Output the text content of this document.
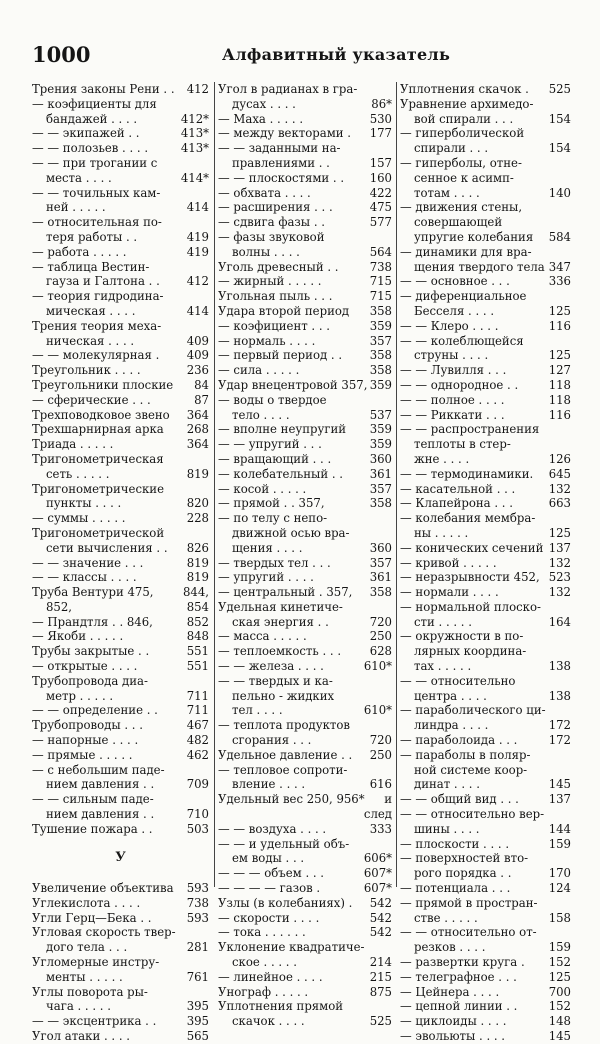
1000	Алфавитный указатель
Трения законы Рени . .	412
— коэфициенты для
бандажей . . . .	412*
— — экипажей . .	413*
— — полозьев . . . .	413*
— — при трогании с
места . . . .	414*
— — точильных кам-
ней . . . . .	414
— относительная по-
теря работы . .	419
— работа . . . . .	419
— таблица Вестин-
гауза и Галтона . .	412
— теория гидродина-
мическая . . . .	414
Трения теория меха-
ническая . . . .	409
— — молекулярная .	409
Треугольник . . . .	236
Треугольники плоские	84
— сферические . . .	87
Трехповодковое звено	364
Трехшарнирная арка	268
Триада . . . . .	364
Тригонометрическая
сеть . . . . .	819
Тригонометрические
пункты . . . .	820
— суммы . . . . .	228
Тригонометрической
сети вычисления . .	826
— — значение . . .	819
— — классы . . . .	819
Труба Вентури 475,	844,
852,	854
— Прандтля . . 846,	852
— Якоби . . . . .	848
Трубы закрытые . .	551
— открытые . . . .	551
Трубопровода диа-
метр . . . . .	711
— — определение . .	711
Трубопроводы . . .	467
— напорные . . . .	482
— прямые . . . . .	462
— с небольшим паде-
нием давления . .	709
— — сильным паде-
нием давления . .	710
Тушение пожара . .	503
У
Увеличение объектива	593
Углекислота . . . .	738
Угли Герц—Бека . .	593
Угловая скорость твер-
дого тела . . .	281
Угломерные инстру-
менты . . . . .	761
Углы поворота ры-
чага . . . . .	395
— — эксцентрика . .	395
Угол атаки . . . .	565
Угол в радианах в гра-
дусах . . . .	86*
— Маха . . . . .	530
— между векторами .	177
— — заданными на-
правлениями . .	157
— — плоскостями . .	160
— обхвата . . . .	422
— расширения . . .	475
— сдвига фазы . .	577
— фазы звуковой
волны . . . .	564
Уголь древесный . .	738
— жирный . . . . .	715
Угольная пыль . . .	715
Удара второй период	358
— коэфициент . . .	359
— нормаль . . . .	357
— первый период . .	358
— сила . . . . .	358
Удар внецентровой 357, 359
— воды о твердое
тело . . . .	537
— вполне неупругий	359
— — упругий . . .	359
— вращающий . . .	360
— колебательный . .	361
— косой . . . . .	357
— прямой . . 357,	358
— по телу с непо-
движной осью вра-
щения . . . .	360
— твердых тел . . .	357
— упругий . . . .	361
— центральный . 357,	358
Удельная кинетиче-
ская энергия . .	720
— масса . . . . .	250
— теплоемкость . . .	628
— — железа . . . .	610*
— — твердых и ка-
пельно - жидких
тел . . . .	610*
— теплота продуктов
сгорания . . .	720
Удельное давление . .	250
— тепловое сопроти-
вление . . . .	616
Удельный вес 250, 956*	и
след
— — воздуха . . . .	333
— — и удельный объ-
ем воды . . .	606*
— — — объем . . .	607*
— — — — газов .	607*
Узлы (в колебаниях) .	542
— скорости . . . .	542
— тока . . . . . .	542
Уклонение квадратиче-
ское . . . . .	214
— линейное . . . .	215
Унограф . . . . .	875
Уплотнения прямой
скачок . . . .	525
Уплотнения скачок .	525
Уравнение архимедо-
вой спирали . . .	154
— гиперболической
спирали . . .	154
— гиперболы, отне-
сенное к асимп-
тотам . . . .	140
— движения стены,
совершающей
упругие колебания	584
— динамики для вра-
щения твердого тела 347
— — основное . . .	336
— диференциальное
Бесселя . . . .	125
— — Клеро . . . .	116
— — колеблющейся
струны . . . .	125
— — Лувилля . . .	127
— — однородное . .	118
— — полное . . . .	118
— — Риккати . . .	116
— — распространения
теплоты в стер-
жне . . . .	126
— — термодинамики.	645
— касательной . . .	132
— Клапейрона . . .	663
— колебания мембра-
ны . . . . .	125
— конических сечений 137
— кривой . . . . .	132
— неразрывности 452, 523
— нормали . . . .	132
— нормальной плоско-
сти . . . . .	164
— окружности в по-
лярных координа-
тах . . . . .	138
— — относительно
центра . . . .	138
— параболического ци-
линдра . . . .	172
— параболоида . . .	172
— параболы в поляр-
ной системе коор-
динат . . . .	145
— — общий вид . . .	137
— — относительно вер-
шины . . . .	144
— плоскости . . . .	159
— поверхностей вто-
рого порядка . .	170
— потенциала . . .	124
— прямой в простран-
стве . . . . .	158
— — относительно от-
резков . . . .	159
— развертки круга .	152
— телеграфное . . .	125
— Цейнера . . . .	700
— цепной линии . .	152
— циклоиды . . . .	148
— эвольюты . . . .	145
